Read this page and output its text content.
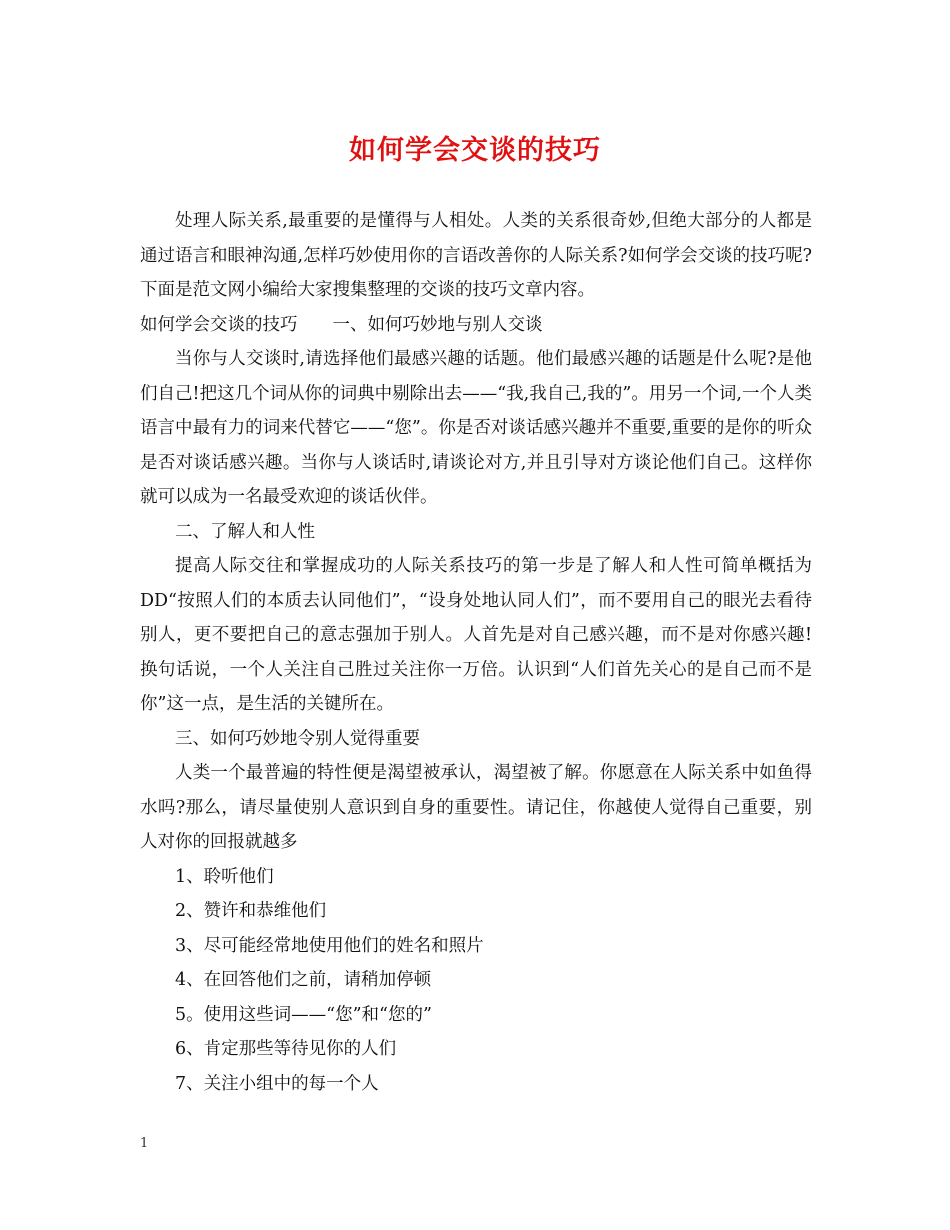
如何学会交谈的技巧

处理人际关系,最重要的是懂得与人相处。人类的关系很奇妙,但绝大部分的人都是通过语言和眼神沟通,怎样巧妙使用你的言语改善你的人际关系?如何学会交谈的技巧呢?下面是范文网小编给大家搜集整理的交谈的技巧文章内容。

如何学会交谈的技巧　　一、如何巧妙地与别人交谈

当你与人交谈时,请选择他们最感兴趣的话题。他们最感兴趣的话题是什么呢?是他们自己!把这几个词从你的词典中剔除出去——“我,我自己,我的”。用另一个词,一个人类语言中最有力的词来代替它——“您”。你是否对谈话感兴趣并不重要,重要的是你的听众是否对谈话感兴趣。当你与人谈话时,请谈论对方,并且引导对方谈论他们自己。这样你就可以成为一名最受欢迎的谈话伙伴。

二、了解人和人性

提高人际交往和掌握成功的人际关系技巧的第一步是了解人和人性可简单概括为DD“按照人们的本质去认同他们”，“设身处地认同人们”，而不要用自己的眼光去看待别人，更不要把自己的意志强加于别人。人首先是对自己感兴趣，而不是对你感兴趣!换句话说，一个人关注自己胜过关注你一万倍。认识到“人们首先关心的是自己而不是你”这一点，是生活的关键所在。

三、如何巧妙地令别人觉得重要

人类一个最普遍的特性便是渴望被承认，渴望被了解。你愿意在人际关系中如鱼得水吗?那么，请尽量使别人意识到自身的重要性。请记住，你越使人觉得自己重要，别人对你的回报就越多

1、聆听他们

2、赞许和恭维他们

3、尽可能经常地使用他们的姓名和照片

4、在回答他们之前，请稍加停顿

5。使用这些词——“您”和“您的”

6、肯定那些等待见你的人们

7、关注小组中的每一个人

1
